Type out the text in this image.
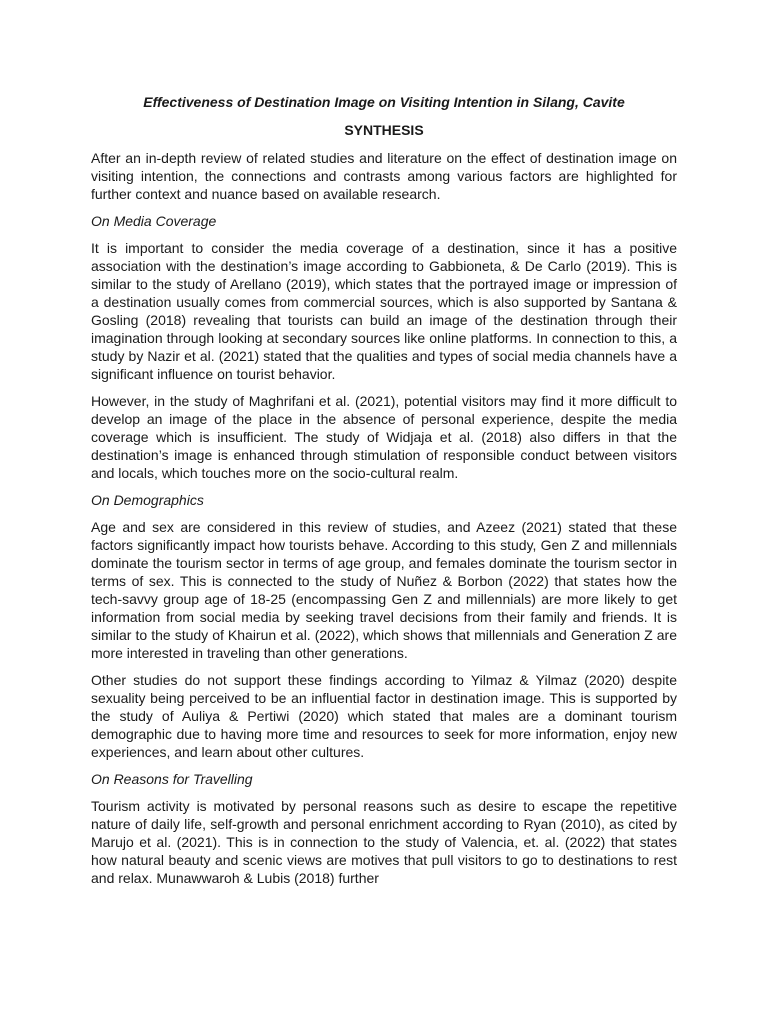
Effectiveness of Destination Image on Visiting Intention in Silang, Cavite
SYNTHESIS

After an in-depth review of related studies and literature on the effect of destination image on visiting intention, the connections and contrasts among various factors are highlighted for further context and nuance based on available research.

On Media Coverage

It is important to consider the media coverage of a destination, since it has a positive association with the destination’s image according to Gabbioneta, & De Carlo (2019). This is similar to the study of Arellano (2019), which states that the portrayed image or impression of a destination usually comes from commercial sources, which is also supported by Santana & Gosling (2018) revealing that tourists can build an image of the destination through their imagination through looking at secondary sources like online platforms. In connection to this, a study by Nazir et al. (2021) stated that the qualities and types of social media channels have a significant influence on tourist behavior.

However, in the study of Maghrifani et al. (2021), potential visitors may find it more difficult to develop an image of the place in the absence of personal experience, despite the media coverage which is insufficient. The study of Widjaja et al. (2018) also differs in that the destination’s image is enhanced through stimulation of responsible conduct between visitors and locals, which touches more on the socio-cultural realm.

On Demographics

Age and sex are considered in this review of studies, and Azeez (2021) stated that these factors significantly impact how tourists behave. According to this study, Gen Z and millennials dominate the tourism sector in terms of age group, and females dominate the tourism sector in terms of sex. This is connected to the study of Nuñez & Borbon (2022) that states how the tech-savvy group age of 18-25 (encompassing Gen Z and millennials) are more likely to get information from social media by seeking travel decisions from their family and friends. It is similar to the study of Khairun et al. (2022), which shows that millennials and Generation Z are more interested in traveling than other generations.

Other studies do not support these findings according to Yilmaz & Yilmaz (2020) despite sexuality being perceived to be an influential factor in destination image. This is supported by the study of Auliya & Pertiwi (2020) which stated that males are a dominant tourism demographic due to having more time and resources to seek for more information, enjoy new experiences, and learn about other cultures.

On Reasons for Travelling

Tourism activity is motivated by personal reasons such as desire to escape the repetitive nature of daily life, self-growth and personal enrichment according to Ryan (2010), as cited by Marujo et al. (2021). This is in connection to the study of Valencia, et. al. (2022) that states how natural beauty and scenic views are motives that pull visitors to go to destinations to rest and relax. Munawwaroh & Lubis (2018) further
